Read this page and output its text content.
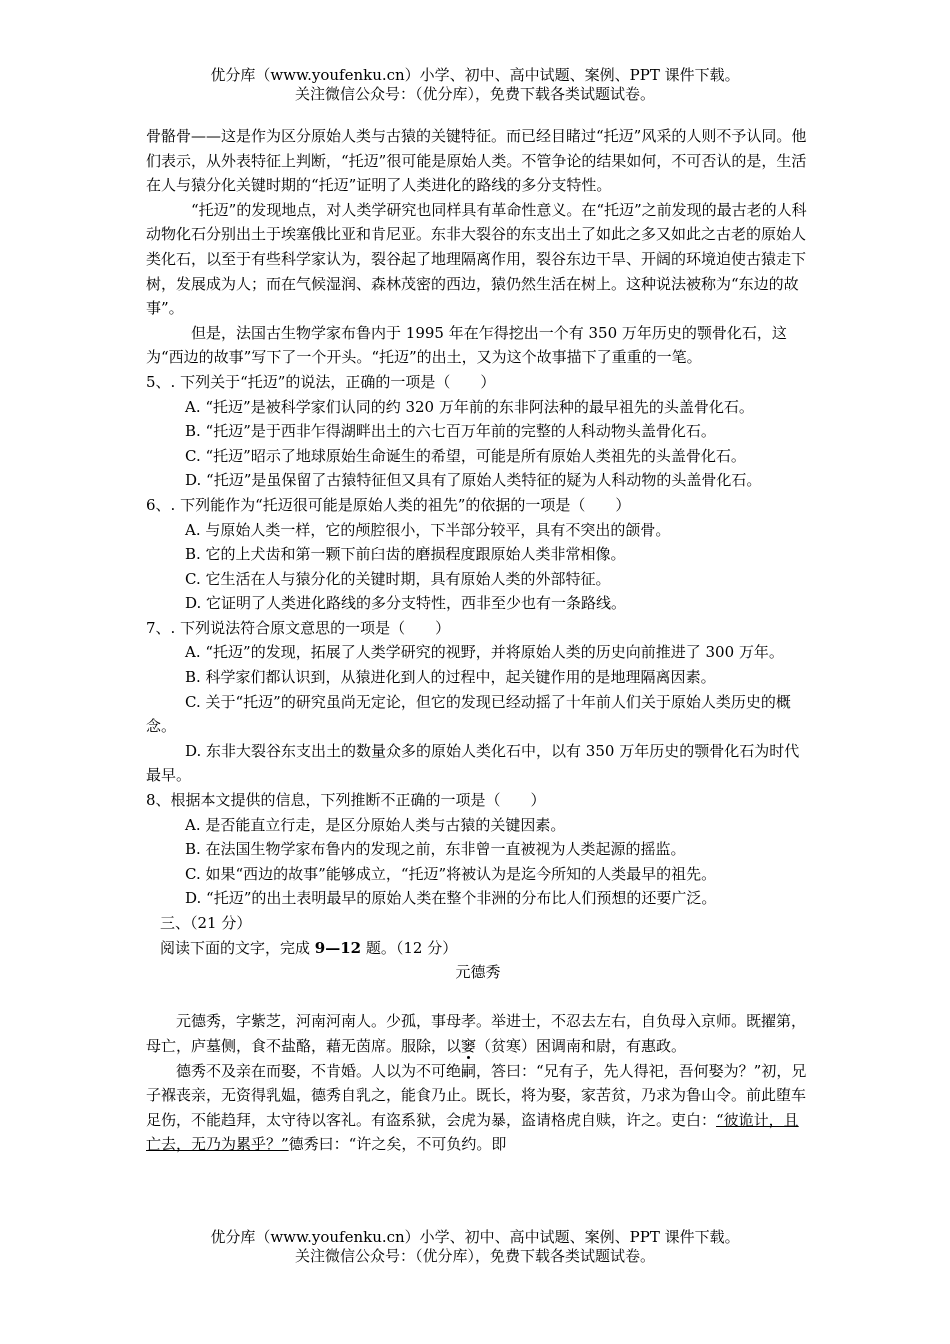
优分库（www.youfenku.cn）小学、初中、高中试题、案例、PPT 课件下载。
关注微信公众号：（优分库），免费下载各类试题试卷。

骨骼骨——这是作为区分原始人类与古猿的关键特征。而已经目睹过“托迈”风采的人则不予认同。他们表示，从外表特征上判断，“托迈”很可能是原始人类。不管争论的结果如何，不可否认的是，生活在人与猿分化关键时期的“托迈”证明了人类进化的路线的多分支特性。

“托迈”的发现地点，对人类学研究也同样具有革命性意义。在“托迈”之前发现的最古老的人科动物化石分别出土于埃塞俄比亚和肯尼亚。东非大裂谷的东支出土了如此之多又如此之古老的原始人类化石，以至于有些科学家认为，裂谷起了地理隔离作用，裂谷东边干旱、开阔的环境迫使古猿走下树，发展成为人；而在气候湿润、森林茂密的西边，猿仍然生活在树上。这种说法被称为“东边的故事”。

但是，法国古生物学家布鲁内于 1995 年在乍得挖出一个有 350 万年历史的颚骨化石，这为“西边的故事”写下了一个开头。“托迈”的出土，又为这个故事描下了重重的一笔。

5、. 下列关于“托迈”的说法，正确的一项是（　　）

A. “托迈”是被科学家们认同的约 320 万年前的东非阿法种的最早祖先的头盖骨化石。

B. “托迈”是于西非乍得湖畔出土的六七百万年前的完整的人科动物头盖骨化石。

C. “托迈”昭示了地球原始生命诞生的希望，可能是所有原始人类祖先的头盖骨化石。

D. “托迈”是虽保留了古猿特征但又具有了原始人类特征的疑为人科动物的头盖骨化石。

6、. 下列能作为“托迈很可能是原始人类的祖先”的依据的一项是（　　）

A. 与原始人类一样，它的颅腔很小，下半部分较平，具有不突出的颌骨。

B. 它的上犬齿和第一颗下前臼齿的磨损程度跟原始人类非常相像。

C. 它生活在人与猿分化的关键时期，具有原始人类的外部特征。

D. 它证明了人类进化路线的多分支特性，西非至少也有一条路线。

7、. 下列说法符合原文意思的一项是（　　）

A. “托迈”的发现，拓展了人类学研究的视野，并将原始人类的历史向前推进了 300 万年。

B. 科学家们都认识到，从猿进化到人的过程中，起关键作用的是地理隔离因素。

C. 关于“托迈”的研究虽尚无定论，但它的发现已经动摇了十年前人们关于原始人类历史的概念。

D. 东非大裂谷东支出土的数量众多的原始人类化石中，以有 350 万年历史的颚骨化石为时代最早。

8、根据本文提供的信息，下列推断不正确的一项是（　　）

A. 是否能直立行走，是区分原始人类与古猿的关键因素。

B. 在法国生物学家布鲁内的发现之前，东非曾一直被视为人类起源的摇监。

C. 如果“西边的故事”能够成立，“托迈”将被认为是迄今所知的人类最早的祖先。

D. “托迈”的出土表明最早的原始人类在整个非洲的分布比人们预想的还要广泛。

三、（21 分）

阅读下面的文字，完成 9—12 题。（12 分）

元德秀

元德秀，字紫芝，河南河南人。少孤，事母孝。举进士，不忍去左右，自负母入京师。既擢第，母亡，庐墓侧，食不盐酪，藉无茵席。服除，以窭（贫寒）困调南和尉，有惠政。

德秀不及亲在而娶，不肯婚。人以为不可绝嗣，答曰：“兄有子，先人得祀，吾何娶为？”初，兄子褓丧亲，无资得乳媪，德秀自乳之，能食乃止。既长，将为娶，家苦贫，乃求为鲁山令。前此堕车足伤，不能趋拜，太守待以客礼。有盗系狱，会虎为暴，盗请格虎自赎，许之。吏白：“彼诡计，且亡去，无乃为累乎？”德秀曰：“许之矣，不可负约。即

优分库（www.youfenku.cn）小学、初中、高中试题、案例、PPT 课件下载。
关注微信公众号：（优分库），免费下载各类试题试卷。
